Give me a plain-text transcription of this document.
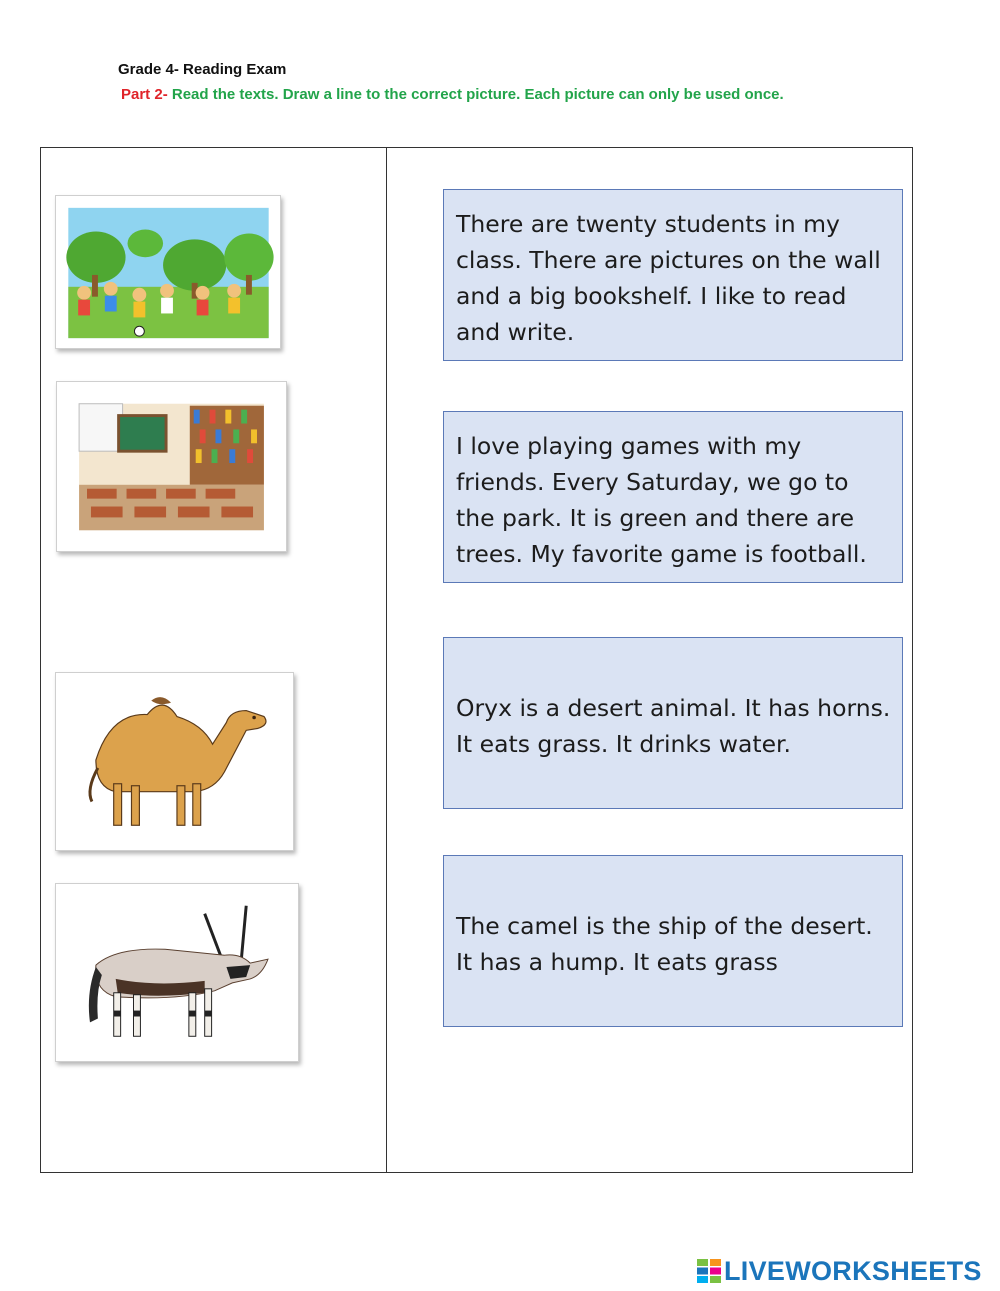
Grade 4- Reading Exam
Part 2- Read the texts. Draw a line to the correct picture. Each picture can only be used once.
There are twenty students in my class. There are pictures on the wall and a big bookshelf. I like to read and write.
I love playing games with my friends. Every Saturday, we go to the park. It is green and there are trees. My favorite game is football.
Oryx is a desert animal. It has horns. It eats grass. It drinks water.
The camel is the ship of the desert. It has a hump. It eats grass
LIVEWORKSHEETS
